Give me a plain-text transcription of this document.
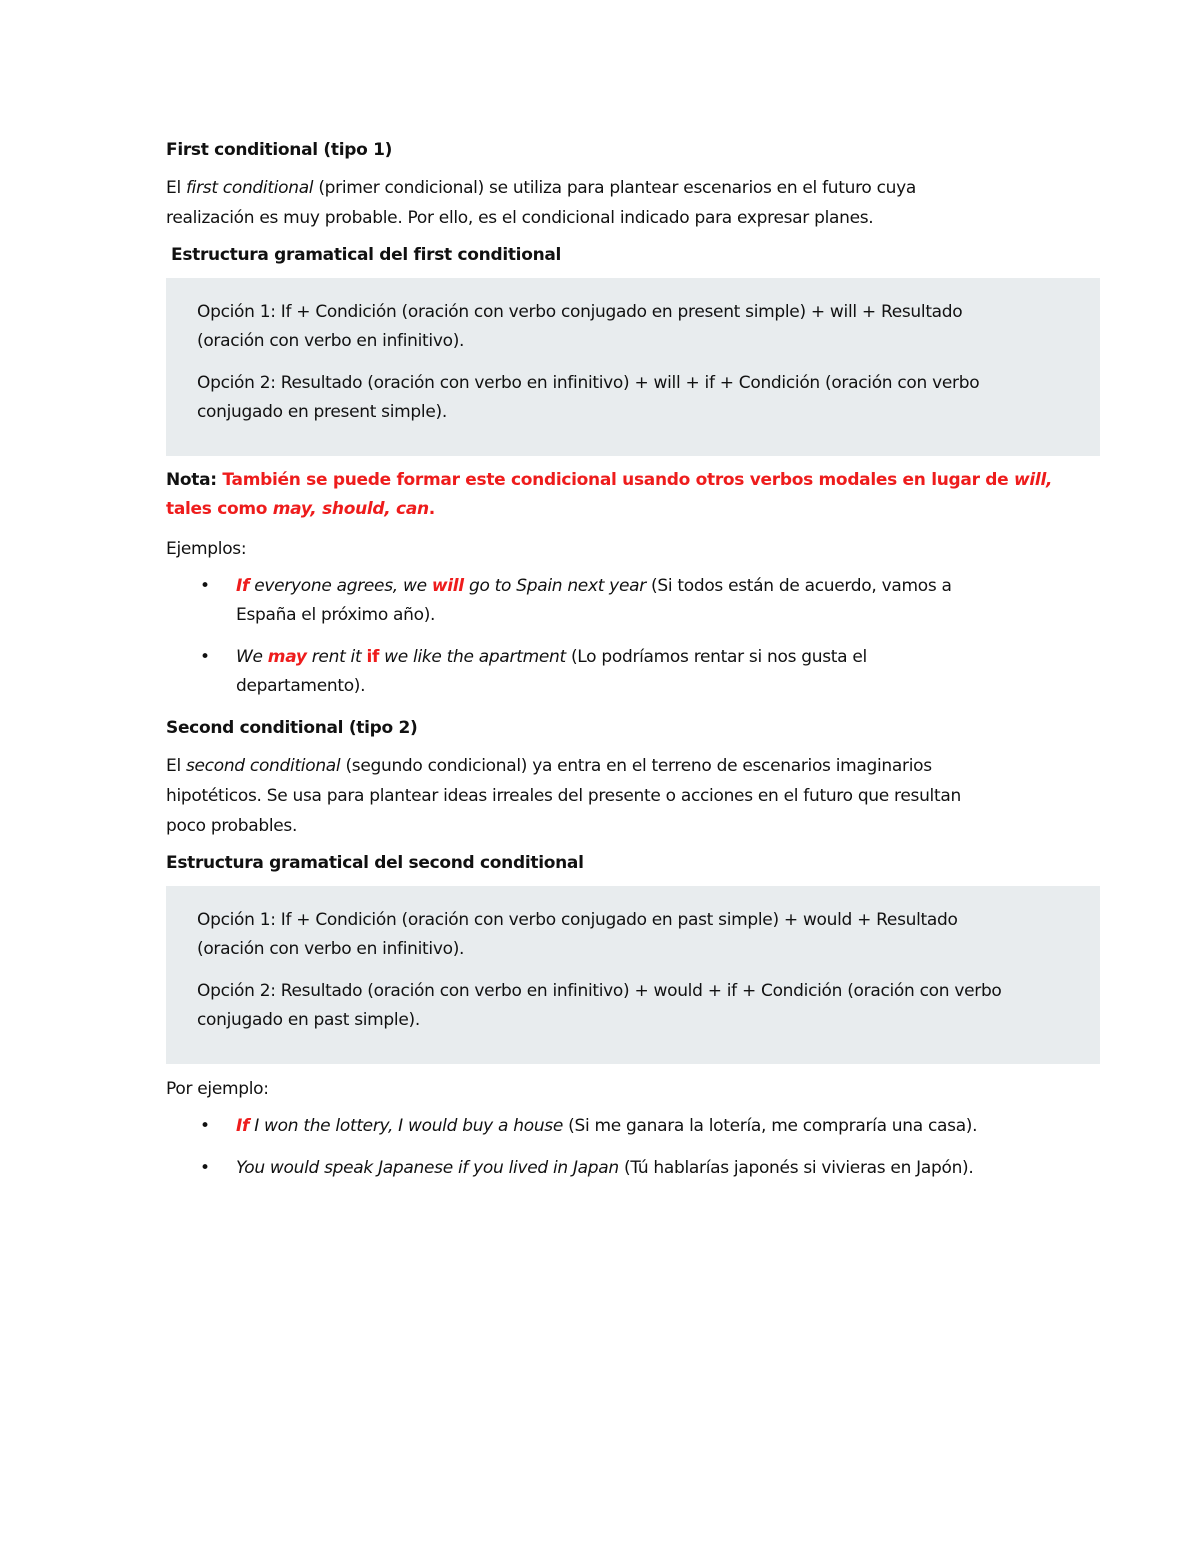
First conditional (tipo 1)
El first conditional (primer condicional) se utiliza para plantear escenarios en el futuro cuya
realización es muy probable. Por ello, es el condicional indicado para expresar planes.
Estructura gramatical del first conditional
Opción 1: If + Condición (oración con verbo conjugado en present simple) + will + Resultado
(oración con verbo en infinitivo).
Opción 2: Resultado (oración con verbo en infinitivo) + will + if + Condición (oración con verbo
conjugado en present simple).
Nota: También se puede formar este condicional usando otros verbos modales en lugar de will,
tales como may, should, can.
Ejemplos:
• If everyone agrees, we will go to Spain next year (Si todos están de acuerdo, vamos a
España el próximo año).
• We may rent it if we like the apartment (Lo podríamos rentar si nos gusta el
departamento).
Second conditional (tipo 2)
El second conditional (segundo condicional) ya entra en el terreno de escenarios imaginarios
hipotéticos. Se usa para plantear ideas irreales del presente o acciones en el futuro que resultan
poco probables.
Estructura gramatical del second conditional
Opción 1: If + Condición (oración con verbo conjugado en past simple) + would + Resultado
(oración con verbo en infinitivo).
Opción 2: Resultado (oración con verbo en infinitivo) + would + if + Condición (oración con verbo
conjugado en past simple).
Por ejemplo:
• If I won the lottery, I would buy a house (Si me ganara la lotería, me compraría una casa).
• You would speak Japanese if you lived in Japan (Tú hablarías japonés si vivieras en Japón).
